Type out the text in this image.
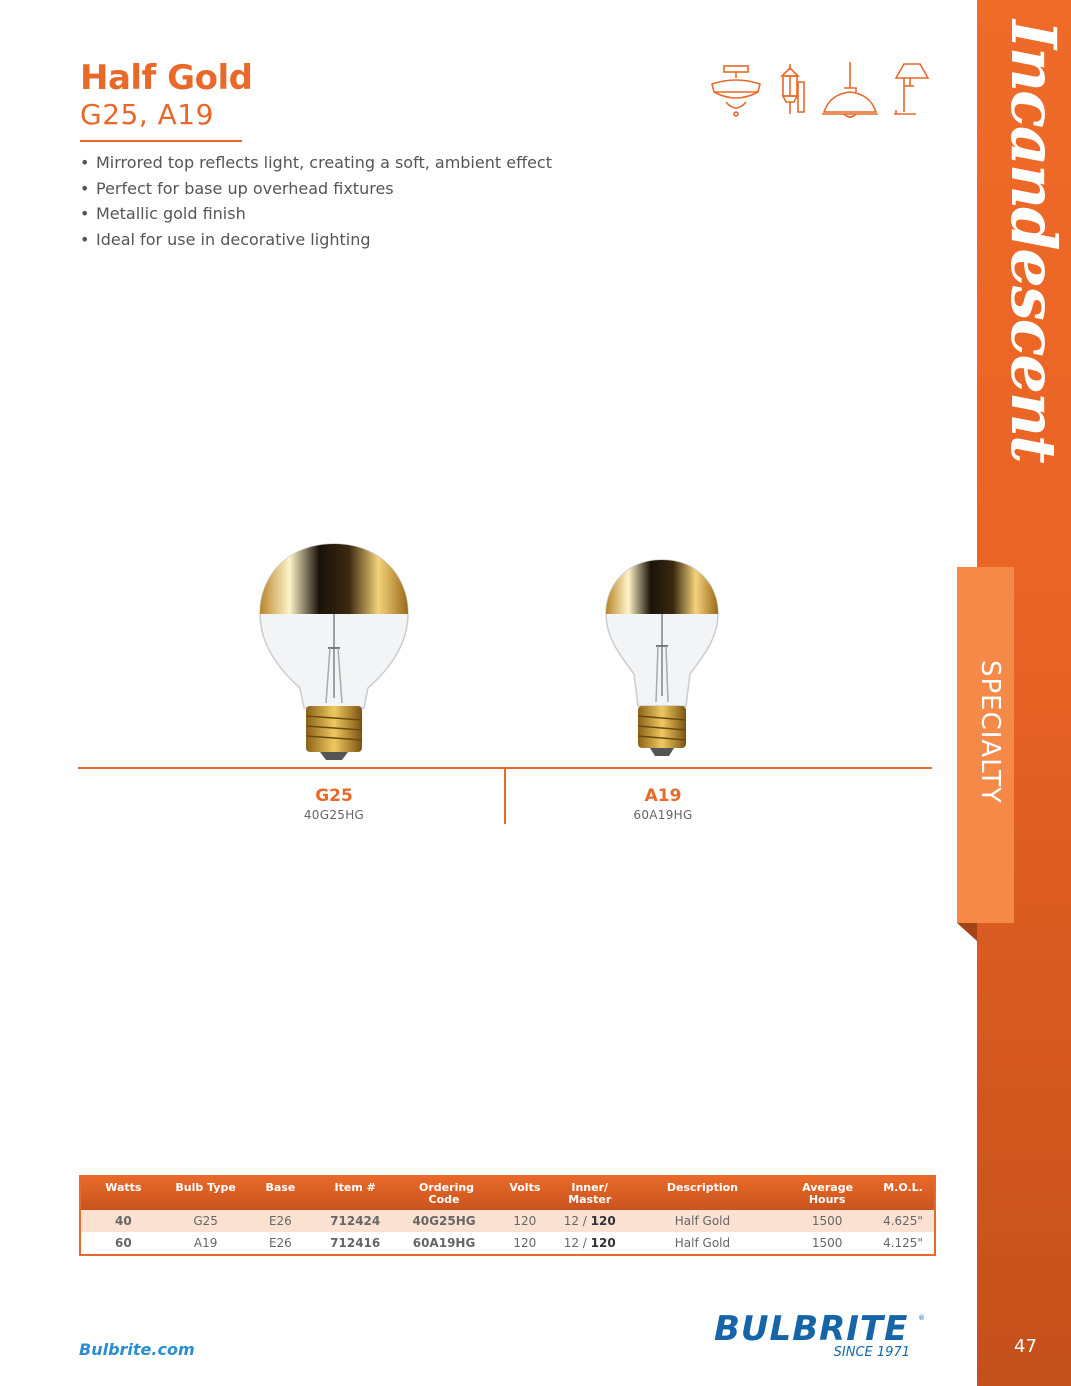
Half Gold
G25, A19
• Mirrored top reflects light, creating a soft, ambient effect
• Perfect for base up overhead fixtures
• Metallic gold finish
• Ideal for use in decorative lighting	Incandescent
SPECIALTY
47
G25
40G25HG
A19
60A19HG
Watts	Bulb Type	Base	Item #	Ordering Code	Volts	Inner/ Master	Description	Average Hours	M.O.L.
40	G25	E26	712424	40G25HG	120	12 / 120	Half Gold	1500	4.625"
60	A19	E26	712416	60A19HG	120	12 / 120	Half Gold	1500	4.125"
Bulbrite.com
BULBRITE ®
SINCE 1971
